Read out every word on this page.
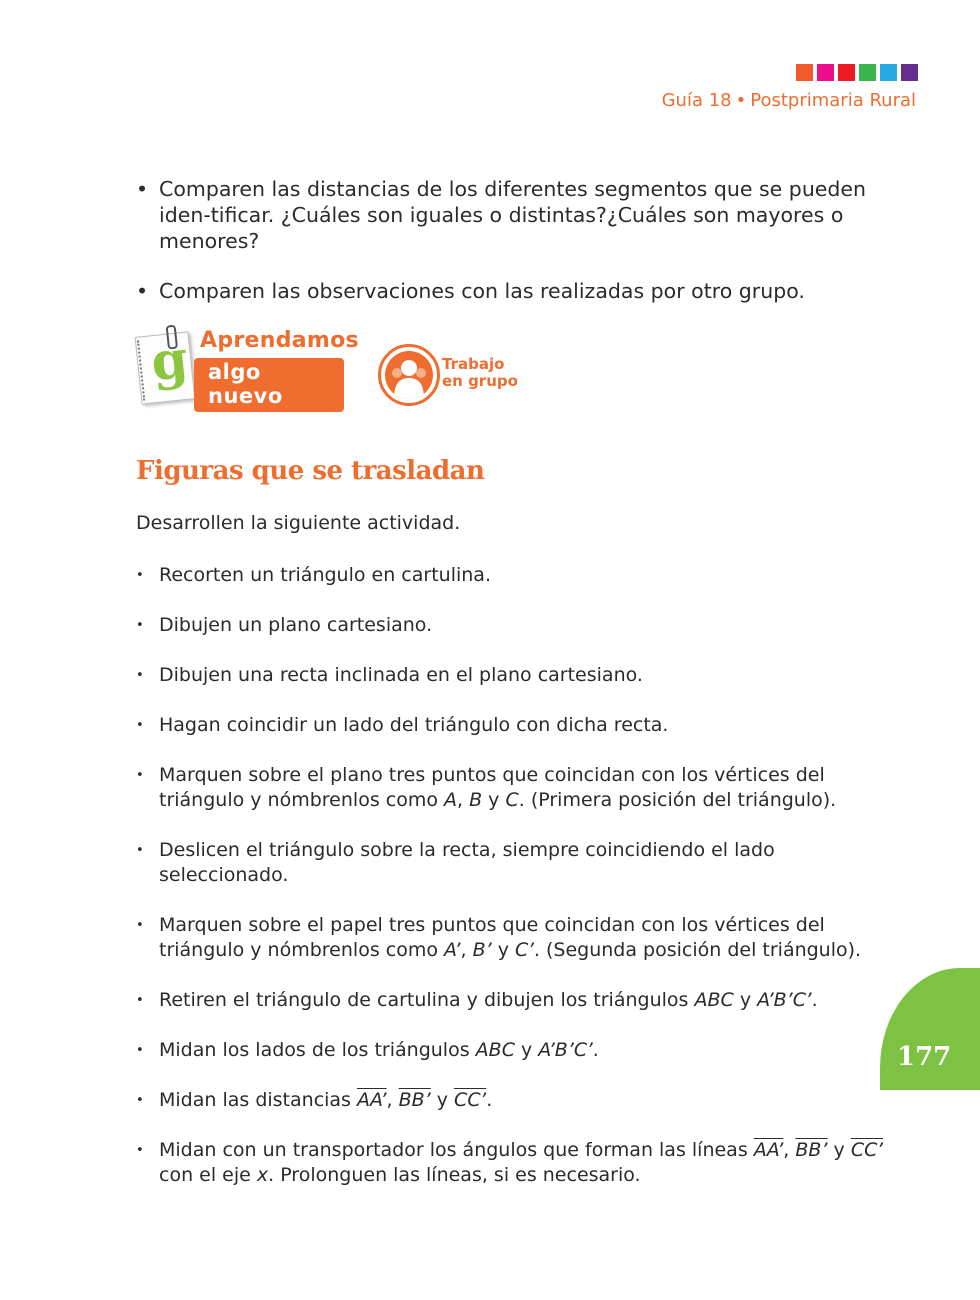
Guía 18 • Postprimaria Rural
• Comparen las distancias de los diferentes segmentos que se pueden iden-tificar. ¿Cuáles son iguales o distintas?¿Cuáles son mayores o menores?
• Comparen las observaciones con las realizadas por otro grupo.
g Aprendamos
algo nuevo
Trabajo
en grupo
Figuras que se trasladan
Desarrollen la siguiente actividad.
• Recorten un triángulo en cartulina.
• Dibujen un plano cartesiano.
• Dibujen una recta inclinada en el plano cartesiano.
• Hagan coincidir un lado del triángulo con dicha recta.
• Marquen sobre el plano tres puntos que coincidan con los vértices del triángulo y nómbrenlos como A, B y C. (Primera posición del triángulo).
• Deslicen el triángulo sobre la recta, siempre coincidiendo el lado seleccionado.
• Marquen sobre el papel tres puntos que coincidan con los vértices del triángulo y nómbrenlos como A’, B’ y C’. (Segunda posición del triángulo).
• Retiren el triángulo de cartulina y dibujen los triángulos ABC y A’B’C’.
• Midan los lados de los triángulos ABC y A’B’C’.
• Midan las distancias AA’, BB’ y CC’.
• Midan con un transportador los ángulos que forman las líneas AA’, BB’ y CC’ con el eje x. Prolonguen las líneas, si es necesario.
177
